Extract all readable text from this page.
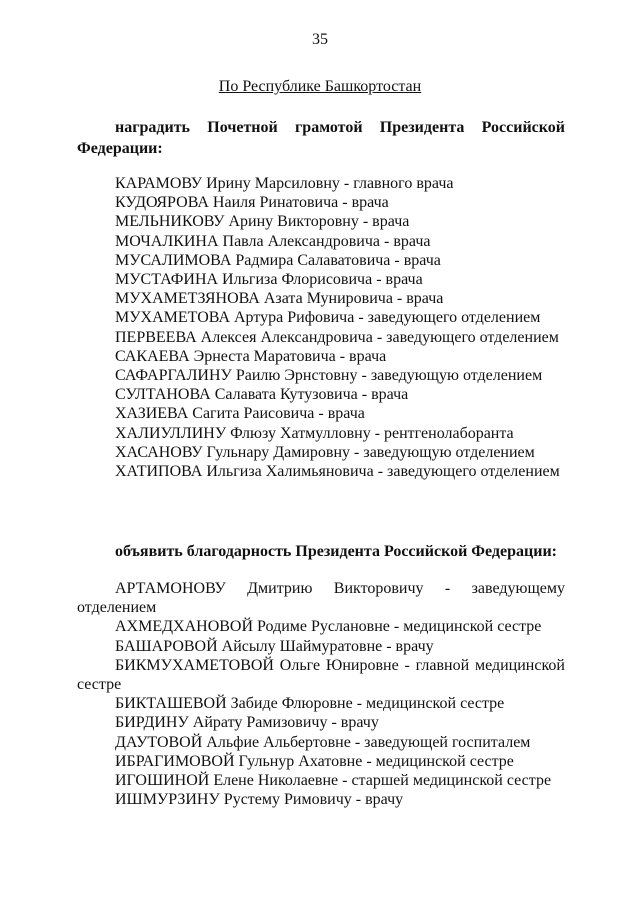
35
По Республике Башкортостан

наградить Почетной грамотой Президента Российской Федерации:

КАРАМОВУ Ирину Марсиловну - главного врача
КУДОЯРОВА Наиля Ринатовича - врача
МЕЛЬНИКОВУ Арину Викторовну - врача
МОЧАЛКИНА Павла Александровича - врача
МУСАЛИМОВА Радмира Салаватовича - врача
МУСТАФИНА Ильгиза Флорисовича - врача
МУХАМЕТЗЯНОВА Азата Мунировича - врача
МУХАМЕТОВА Артура Рифовича - заведующего отделением
ПЕРВЕЕВА Алексея Александровича - заведующего отделением
САКАЕВА Эрнеста Маратовича - врача
САФАРГАЛИНУ Раилю Эрнстовну - заведующую отделением
СУЛТАНОВА Салавата Кутузовича - врача
ХАЗИЕВА Сагита Раисовича - врача
ХАЛИУЛЛИНУ Флюзу Хатмулловну - рентгенолаборанта
ХАСАНОВУ Гульнару Дамировну - заведующую отделением
ХАТИПОВА Ильгиза Халимьяновича - заведующего отделением

объявить благодарность Президента Российской Федерации:

АРТАМОНОВУ Дмитрию Викторовичу - заведующему отделением
АХМЕДХАНОВОЙ Родиме Руслановне - медицинской сестре
БАШАРОВОЙ Айсылу Шаймуратовне - врачу
БИКМУХАМЕТОВОЙ Ольге Юнировне - главной медицинской сестре
БИКТАШЕВОЙ Забиде Флюровне - медицинской сестре
БИРДИНУ Айрату Рамизовичу - врачу
ДАУТОВОЙ Альфие Альбертовне - заведующей госпиталем
ИБРАГИМОВОЙ Гульнур Ахатовне - медицинской сестре
ИГОШИНОЙ Елене Николаевне - старшей медицинской сестре
ИШМУРЗИНУ Рустему Римовичу - врачу
